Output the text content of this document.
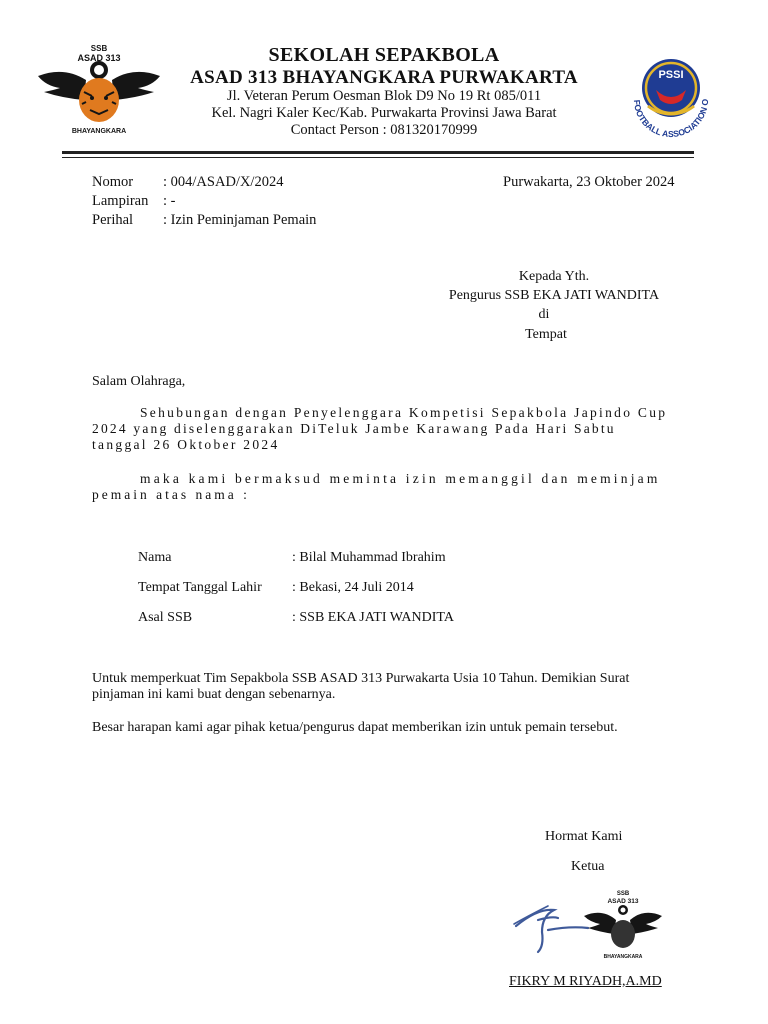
SSB
ASAD 313
BHAYANGKARA
SEKOLAH SEPAKBOLA
ASAD 313 BHAYANGKARA PURWAKARTA
Jl. Veteran Perum Oesman Blok D9 No 19 Rt 085/011
Kel. Nagri Kaler Kec/Kab. Purwakarta Provinsi Jawa Barat
Contact Person : 081320170999
PSSI
FOOTBALL ASSOCIATION O
Nomor : 004/ASAD/X/2024
Lampiran : -
Perihal : Izin Peminjaman Pemain
Purwakarta, 23 Oktober 2024
Kepada Yth.
Pengurus SSB EKA JATI WANDITA
di
Tempat
Salam Olahraga,
Sehubungan dengan Penyelenggara Kompetisi Sepakbola Japindo Cup
2024 yang diselenggarakan DiTeluk Jambe Karawang Pada Hari Sabtu
tanggal 26 Oktober 2024
maka kami bermaksud meminta izin memanggil dan meminjam
pemain atas nama :
Nama	: Bilal Muhammad Ibrahim
Tempat Tanggal Lahir : Bekasi, 24 Juli 2014
Asal SSB	: SSB EKA JATI WANDITA
Untuk memperkuat Tim Sepakbola SSB ASAD 313 Purwakarta Usia 10 Tahun. Demikian Surat
pinjaman ini kami buat dengan sebenarnya.
Besar harapan kami agar pihak ketua/pengurus dapat memberikan izin untuk pemain tersebut.
Hormat Kami
Ketua
SSB
ASAD 313
BHAYANGKARA
FIKRY M RIYADH,A.MD
